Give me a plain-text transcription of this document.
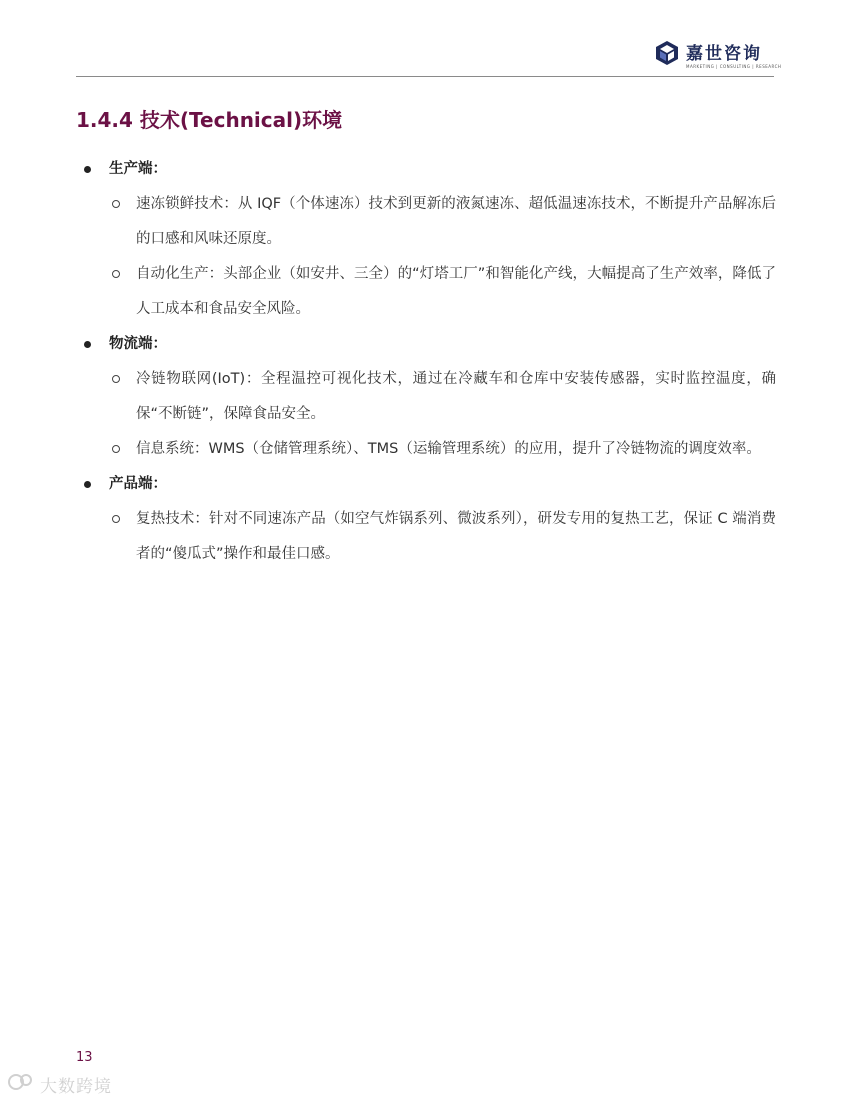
嘉世咨询
MARKETING | CONSULTING | RESEARCH
1.4.4 技术(Technical)环境
生产端：
速冻锁鲜技术：从 IQF（个体速冻）技术到更新的液氮速冻、超低温速冻技术，不断提升产品解冻后的口感和风味还原度。
自动化生产：头部企业（如安井、三全）的“灯塔工厂”和智能化产线，大幅提高了生产效率，降低了人工成本和食品安全风险。
物流端：
冷链物联网(IoT)：全程温控可视化技术，通过在冷藏车和仓库中安装传感器，实时监控温度，确保“不断链”，保障食品安全。
信息系统：WMS（仓储管理系统）、TMS（运输管理系统）的应用，提升了冷链物流的调度效率。
产品端：
复热技术：针对不同速冻产品（如空气炸锅系列、微波系列），研发专用的复热工艺，保证 C 端消费者的“傻瓜式”操作和最佳口感。
13
大数跨境
